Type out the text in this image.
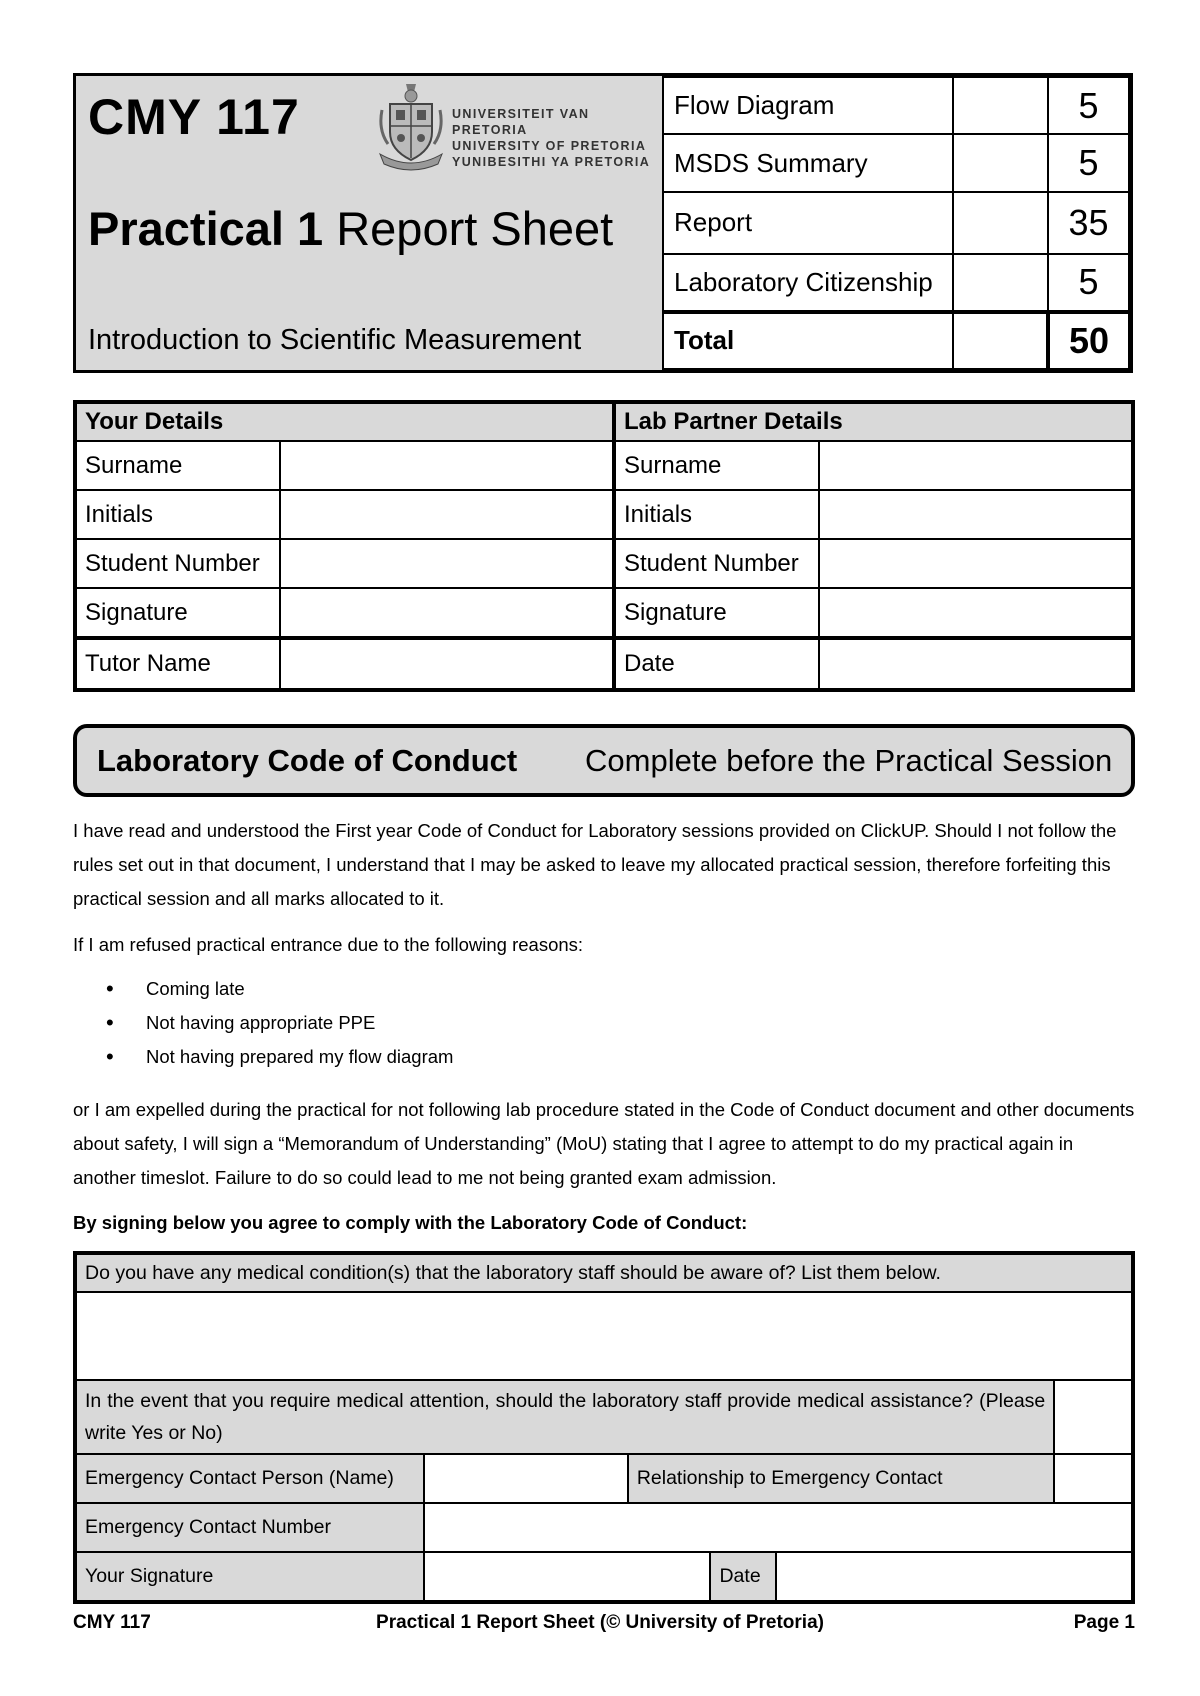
CMY 117	UNIVERSITEIT VAN PRETORIA
UNIVERSITY OF PRETORIA
YUNIBESITHI YA PRETORIA
Practical 1 Report Sheet
Introduction to Scientific Measurement
Flow Diagram		5
MSDS Summary		5
Report		35
Laboratory Citizenship		5
Total		50
Your Details		Lab Partner Details	
Surname		Surname	
Initials		Initials	
Student Number		Student Number	
Signature		Signature	
Tutor Name		Date	
Laboratory Code of Conduct Complete before the Practical Session
I have read and understood the First year Code of Conduct for Laboratory sessions provided on ClickUP. Should I not follow the rules set out in that document, I understand that I may be asked to leave my allocated practical session, therefore forfeiting this practical session and all marks allocated to it.
If I am refused practical entrance due to the following reasons:
• Coming late
• Not having appropriate PPE
• Not having prepared my flow diagram
or I am expelled during the practical for not following lab procedure stated in the Code of Conduct document and other documents about safety, I will sign a “Memorandum of Understanding” (MoU) stating that I agree to attempt to do my practical again in another timeslot. Failure to do so could lead to me not being granted exam admission.
By signing below you agree to comply with the Laboratory Code of Conduct:
Do you have any medical condition(s) that the laboratory staff should be aware of? List them below.					

In the event that you require medical attention, should the laboratory staff provide medical assistance? (Please write Yes or No)					
Emergency Contact Person (Name)		Relationship to Emergency Contact			
Emergency Contact Number					
Your Signature			Date		
Practical 1 Report Sheet (© University of Pretoria)
CMY 117	Page 1
